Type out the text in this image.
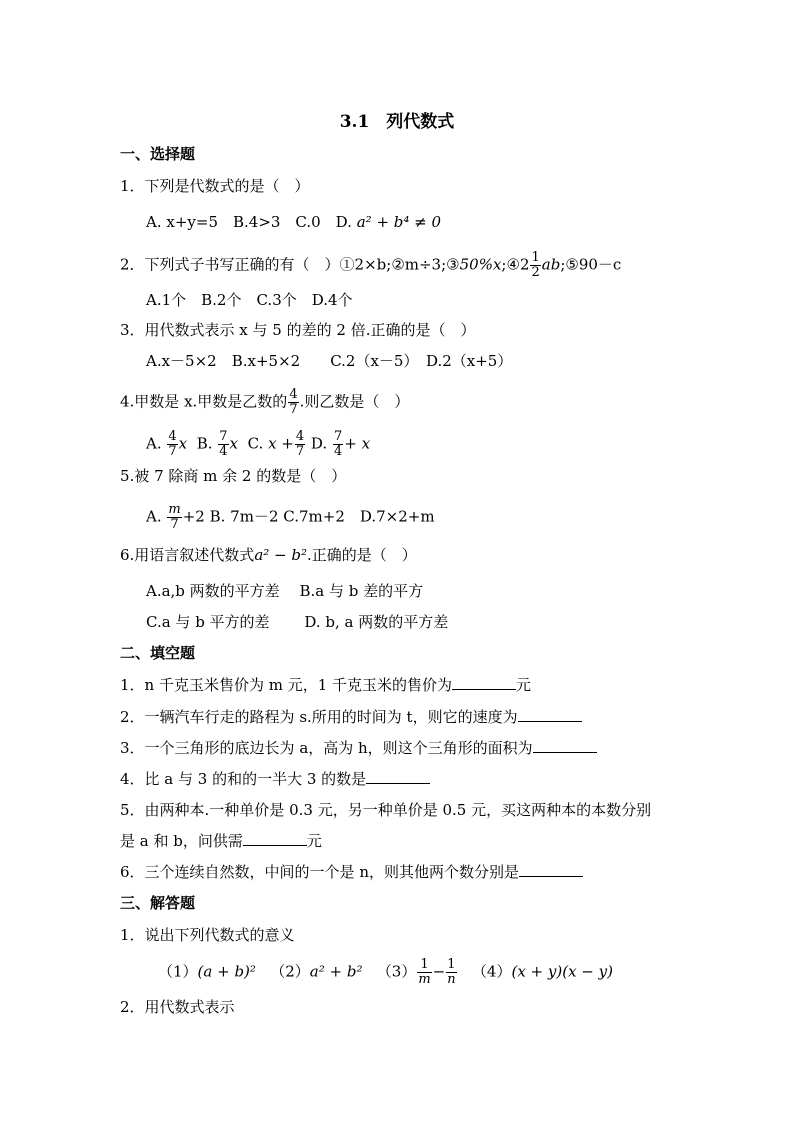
3.1　列代数式
一、选择题
1．下列是代数式的是（　）
A. x+y=5　B.4>3　C.0　D. a² + b⁴ ≠ 0
2．下列式子书写正确的有（　）①2×b;②m÷3;③50%x;④2 $\frac{1}{2}$ ab;⑤90－c
A.1个　B.2个　C.3个　D.4个
3．用代数式表示 x 与 5 的差的 2 倍.正确的是（　）
A.x－5×2　B.x+5×2　　C.2（x－5）　D.2（x+5）
4.甲数是 x.甲数是乙数的 $\frac{4}{7}$ .则乙数是（　）
A. $\frac{4}{7}$ x B. $\frac{7}{4}$ x C. $x + \frac{4}{7} D$. $\frac{7}{4} + x$
5.被 7 除商 m 余 2 的数是（　）
A. $\frac{m}{7} +2$ B. 7m－2 C.7m+2　D.7×2+m
6.用语言叙述代数式a² − b².正确的是（　）
A.a,b 两数的平方差　 B.a 与 b 差的平方
C.a 与 b 平方的差　　 D. b, a 两数的平方差
二、填空题
1．n 千克玉米售价为 m 元，1 千克玉米的售价为	元
2．一辆汽车行走的路程为 s.所用的时间为 t，则它的速度为
3．一个三角形的底边长为 a，高为 h，则这个三角形的面积为
4．比 a 与 3 的和的一半大 3 的数是
5．由两种本.一种单价是 0.3 元，另一种单价是 0.5 元，买这两种本的本数分别
是 a 和 b，问供需	元
6．三个连续自然数，中间的一个是 n，则其他两个数分别是
三、解答题
1．说出下列代数式的意义
（1）(a + b)² （2）a² + b² $(3) \frac{1}{m} - \frac{1}{n} (4)(x + y)(x - y)$
2．用代数式表示
